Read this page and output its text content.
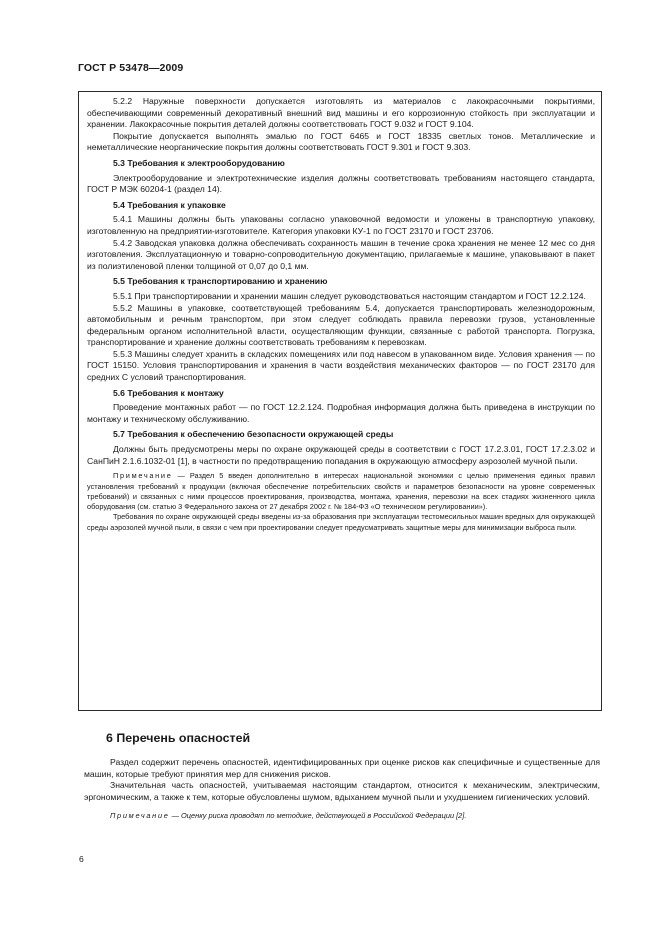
ГОСТ Р 53478—2009

5.2.2 Наружные поверхности допускается изготовлять из материалов с лакокрасочными покрытиями, обеспечивающими современный декоративный внешний вид машины и его коррозионную стойкость при эксплуатации и хранении. Лакокрасочные покрытия деталей должны соответствовать ГОСТ 9.032 и ГОСТ 9.104.

Покрытие допускается выполнять эмалью по ГОСТ 6465 и ГОСТ 18335 светлых тонов. Металлические и неметаллические неорганические покрытия должны соответствовать ГОСТ 9.301 и ГОСТ 9.303.

5.3 Требования к электрооборудованию

Электрооборудование и электротехнические изделия должны соответствовать требованиям настоящего стандарта, ГОСТ Р МЭК 60204-1 (раздел 14).

5.4 Требования к упаковке

5.4.1 Машины должны быть упакованы согласно упаковочной ведомости и уложены в транспортную упаковку, изготовленную на предприятии-изготовителе. Категория упаковки КУ-1 по ГОСТ 23170 и ГОСТ 23706.

5.4.2 Заводская упаковка должна обеспечивать сохранность машин в течение срока хранения не менее 12 мес со дня изготовления. Эксплуатационную и товарно-сопроводительную документацию, прилагаемые к машине, упаковывают в пакет из полиэтиленовой пленки толщиной от 0,07 до 0,1 мм.

5.5 Требования к транспортированию и хранению

5.5.1 При транспортировании и хранении машин следует руководствоваться настоящим стандартом и ГОСТ 12.2.124.

5.5.2 Машины в упаковке, соответствующей требованиям 5.4, допускается транспортировать железнодорожным, автомобильным и речным транспортом, при этом следует соблюдать правила перевозки грузов, установленные федеральным органом исполнительной власти, осуществляющим функции, связанные с работой транспорта. Погрузка, транспортирование и хранение должны соответствовать требованиям к перевозкам.

5.5.3 Машины следует хранить в складских помещениях или под навесом в упакованном виде. Условия хранения — по ГОСТ 15150. Условия транспортирования и хранения в части воздействия механических факторов — по ГОСТ 23170 для средних С условий транспортирования.

5.6 Требования к монтажу

Проведение монтажных работ — по ГОСТ 12.2.124. Подробная информация должна быть приведена в инструкции по монтажу и техническому обслуживанию.

5.7 Требования к обеспечению безопасности окружающей среды

Должны быть предусмотрены меры по охране окружающей среды в соответствии с ГОСТ 17.2.3.01, ГОСТ 17.2.3.02 и СанПиН 2.1.6.1032-01 [1], в частности по предотвращению попадания в окружающую атмосферу аэрозолей мучной пыли.

Примечание — Раздел 5 введен дополнительно в интересах национальной экономики с целью применения единых правил установления требований к продукции (включая обеспечение потребительских свойств и параметров безопасности на уровне современных требований) и связанных с ними процессов проектирования, производства, монтажа, хранения, перевозки на всех стадиях жизненного цикла оборудования (см. статью 3 Федерального закона от 27 декабря 2002 г. № 184-ФЗ «О техническом регулировании»).

Требования по охране окружающей среды введены из-за образования при эксплуатации тестомесильных машин вредных для окружающей среды аэрозолей мучной пыли, в связи с чем при проектировании следует предусматривать защитные меры для минимизации выброса пыли.

6 Перечень опасностей

Раздел содержит перечень опасностей, идентифицированных при оценке рисков как специфичные и существенные для машин, которые требуют принятия мер для снижения рисков.

Значительная часть опасностей, учитываемая настоящим стандартом, относится к механическим, электрическим, эргономическим, а также к тем, которые обусловлены шумом, вдыханием мучной пыли и ухудшением гигиенических условий.

Примечание — Оценку риска проводят по методике, действующей в Российской Федерации [2].

6
